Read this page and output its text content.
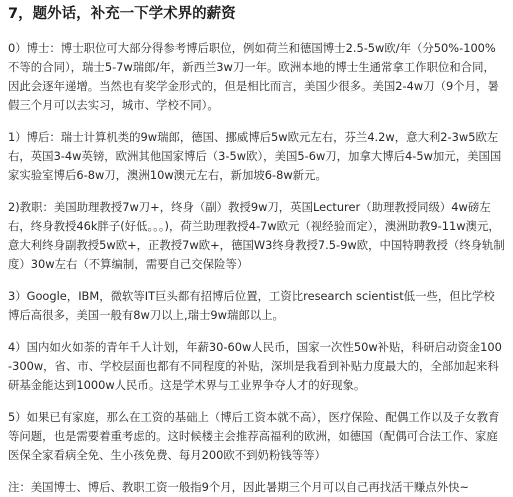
7，题外话，补充一下学术界的薪资
0）博士：博士职位可大部分得参考博后职位，例如荷兰和德国博士2.5-5w欧/年（分50%-100%不等的合同），瑞士5-7w瑞郎/年，新西兰3w刀一年。欧洲本地的博士生通常拿工作职位和合同，因此会逐年递增。当然也有奖学金形式的，但是相比而言，美国少很多。美国2-4w刀（9个月，暑假三个月可以去实习，城市、学校不同）。
1）博后：瑞士计算机类的9w瑞郎，德国、挪威博后5w欧元左右，芬兰4.2w，意大利2-3w5欧左右，英国3-4w英镑，欧洲其他国家博后（3-5w欧），美国5-6w刀，加拿大博后4-5w加元，美国国家实验室博后6-8w刀，澳洲10w澳元左右，新加坡6-8w新元。
2)教职：美国助理教授7w刀+，终身（副）教授9w刀，英国Lecturer（助理教授同级）4w磅左右，终身教授46k胖子(好低。。。)，荷兰助理教授4-7w欧元（视经验而定），澳洲助教9-11w澳元，意大利终身副教授5w欧+，正教授7w欧+，德国W3终身教授7.5-9w欧，中国特聘教授（终身轨制度）30w左右（不算编制，需要自己交保险等）
3）Google，IBM，微软等IT巨头都有招博后位置，工资比research scientist低一些，但比学校博后高很多，美国一般有8w刀以上,瑞士9w瑞郎以上。
4）国内如火如荼的青年千人计划，年薪30-60w人民币，国家一次性50w补贴，科研启动资金100-300w，省、市、学校层面也都有不同程度的补贴，深圳是我看到补贴力度最大的，全部加起来科研基金能达到1000w人民币。这是学术界与工业界争夺人才的好现象。
5）如果已有家庭，那么在工资的基础上（博后工资本就不高），医疗保险、配偶工作以及子女教育等问题，也是需要着重考虑的。这时候楼主会推荐高福利的欧洲，如德国（配偶可合法工作、家庭医保全家看病全免、生小孩免费、每月200欧不到奶粉钱等等）
注：美国博士、博后、教职工资一般指9个月，因此暑期三个月可以自己再找活干赚点外快~
